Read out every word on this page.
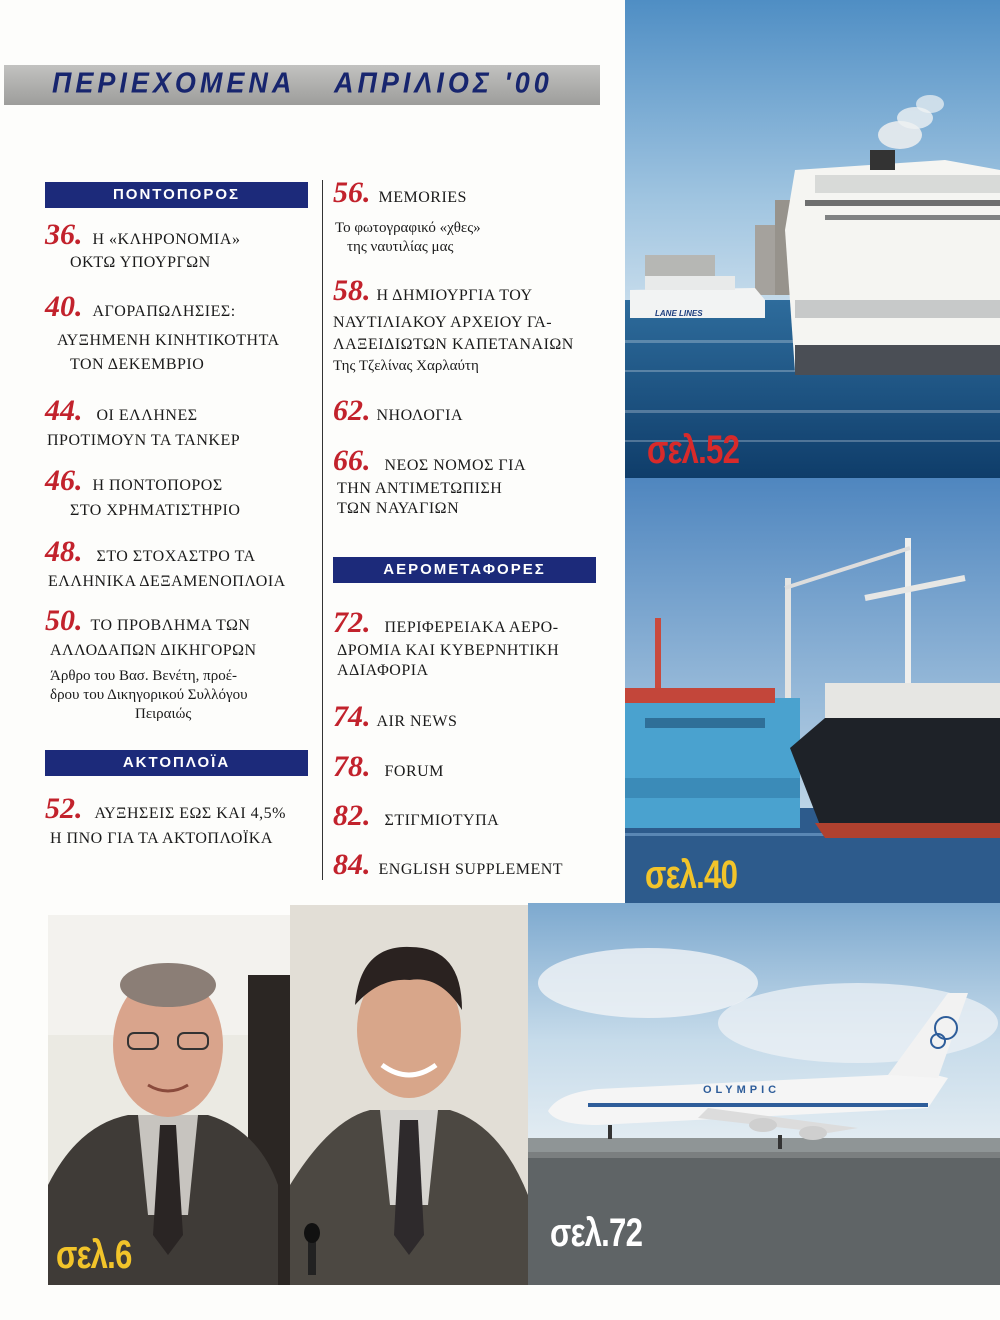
ΠΕΡΙΕΧΟΜΕΝΑ ΑΠΡΙΛΙΟΣ '00
ΠΟΝΤΟΠΟΡΟΣ
36. Η «ΚΛΗΡΟΝΟΜΙΑ»
ΟΚΤΩ ΥΠΟΥΡΓΩΝ
40. ΑΓΟΡΑΠΩΛΗΣΙΕΣ:
ΑΥΞΗΜΕΝΗ ΚΙΝΗΤΙΚΟΤΗΤΑ
ΤΟΝ ΔΕΚΕΜΒΡΙΟ
44. ΟΙ ΕΛΛΗΝΕΣ
ΠΡΟΤΙΜΟΥΝ ΤΑ ΤΑΝΚΕΡ
46. Η ΠΟΝΤΟΠΟΡΟΣ
ΣΤΟ ΧΡΗΜΑΤΙΣΤΗΡΙΟ
48. ΣΤΟ ΣΤΟΧΑΣΤΡΟ ΤΑ
ΕΛΛΗΝΙΚΑ ΔΕΞΑΜΕΝΟΠΛΟΙΑ
50. ΤΟ ΠΡΟΒΛΗΜΑ ΤΩΝ
ΑΛΛΟΔΑΠΩΝ ΔΙΚΗΓΟΡΩΝ
Άρθρο του Βασ. Βενέτη, προέ-
δρου του Δικηγορικού Συλλόγου
Πειραιώς
ΑΚΤΟΠΛΟΪΑ
52. ΑΥΞΗΣΕΙΣ ΕΩΣ ΚΑΙ 4,5%
Η ΠΝΟ ΓΙΑ ΤΑ ΑΚΤΟΠΛΟΪΚΑ
56. MEMORIES
Το φωτογραφικό «χθες»
της ναυτιλίας μας
58. Η ΔΗΜΙΟΥΡΓΙΑ ΤΟΥ
ΝΑΥΤΙΛΙΑΚΟΥ ΑΡΧΕΙΟΥ ΓΑ-
ΛΑΞΕΙΔΙΩΤΩΝ ΚΑΠΕΤΑΝΑΙΩΝ
Της Τζελίνας Χαρλαύτη
62. ΝΗΟΛΟΓΙΑ
66. ΝΕΟΣ ΝΟΜΟΣ ΓΙΑ
ΤΗΝ ΑΝΤΙΜΕΤΩΠΙΣΗ
ΤΩΝ ΝΑΥΑΓΙΩΝ
ΑΕΡΟΜΕΤΑΦΟΡΕΣ
72. ΠΕΡΙΦΕΡΕΙΑΚΑ ΑΕΡΟ-
ΔΡΟΜΙΑ ΚΑΙ ΚΥΒΕΡΝΗΤΙΚΗ
ΑΔΙΑΦΟΡΙΑ
74. AIR NEWS
78. FORUM
82. ΣΤΙΓΜΙΟΤΥΠΑ
84. ENGLISH SUPPLEMENT
LANE LINES
σελ.52
σελ.40
σελ.6
OLYMPIC
σελ.72
